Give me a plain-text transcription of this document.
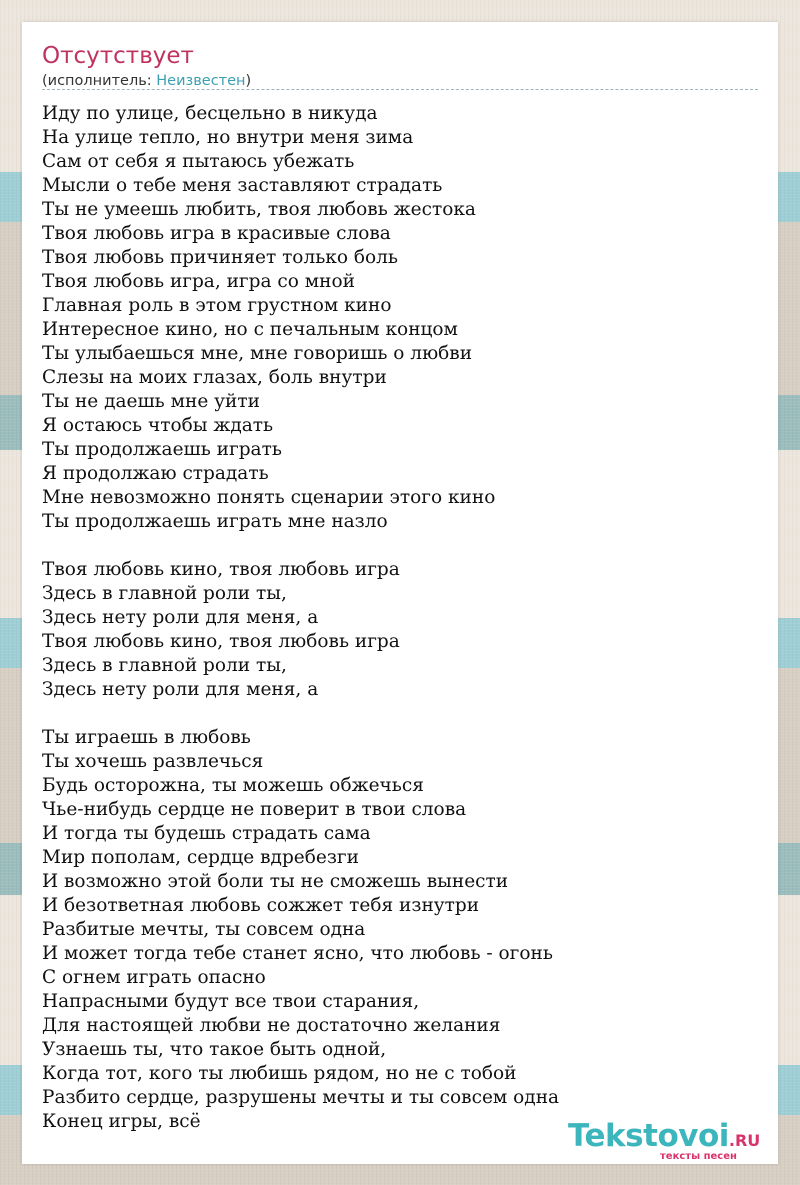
Отсутствует
(исполнитель: Неизвестен)
Иду по улице, бесцельно в никуда
На улице тепло, но внутри меня зима
Сам от себя я пытаюсь убежать
Мысли о тебе меня заставляют страдать
Ты не умеешь любить, твоя любовь жестока
Твоя любовь игра в красивые слова
Твоя любовь причиняет только боль
Твоя любовь игра, игра со мной
Главная роль в этом грустном кино
Интересное кино, но с печальным концом
Ты улыбаешься мне, мне говоришь о любви
Слезы на моих глазах, боль внутри
Ты не даешь мне уйти
Я остаюсь чтобы ждать
Ты продолжаешь играть
Я продолжаю страдать
Мне невозможно понять сценарии этого кино
Ты продолжаешь играть мне назло
Твоя любовь кино, твоя любовь игра
Здесь в главной роли ты,
Здесь нету роли для меня, а
Твоя любовь кино, твоя любовь игра
Здесь в главной роли ты,
Здесь нету роли для меня, а
Ты играешь в любовь
Ты хочешь развлечься
Будь осторожна, ты можешь обжечься
Чье-нибудь сердце не поверит в твои слова
И тогда ты будешь страдать сама
Мир пополам, сердце вдребезги
И возможно этой боли ты не сможешь вынести
И безответная любовь сожжет тебя изнутри
Разбитые мечты, ты совсем одна
И может тогда тебе станет ясно, что любовь - огонь
С огнем играть опасно
Напрасными будут все твои старания,
Для настоящей любви не достаточно желания
Узнаешь ты, что такое быть одной,
Когда тот, кого ты любишь рядом, но не с тобой
Разбито сердце, разрушены мечты и ты совсем одна
Конец игры, всё	Tekstovoi.RU
тексты песен
